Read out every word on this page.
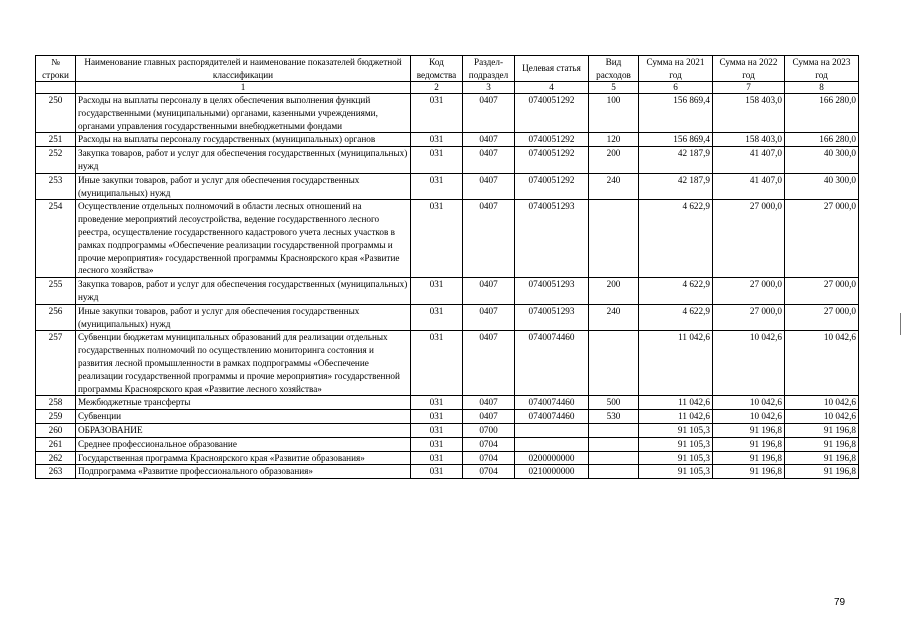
№ строки	Наименование главных распорядителей и наименование показателей бюджетной классификации	Код ведомства	Раздел- подраздел	Целевая статья	Вид расходов	Сумма на 2021 год	Сумма на 2022 год	Сумма на 2023 год
	1	2	3	4	5	6	7	8
250	Расходы на выплаты персоналу в целях обеспечения выполнения функций государственными (муниципальными) органами, казенными учреждениями, органами управления государственными внебюджетными фондами	031	0407	0740051292	100	156 869,4	158 403,0	166 280,0
251	Расходы на выплаты персоналу государственных (муниципальных) органов	031	0407	0740051292	120	156 869,4	158 403,0	166 280,0
252	Закупка товаров, работ и услуг для обеспечения государственных (муниципальных) нужд	031	0407	0740051292	200	42 187,9	41 407,0	40 300,0
253	Иные закупки товаров, работ и услуг для обеспечения государственных (муниципальных) нужд	031	0407	0740051292	240	42 187,9	41 407,0	40 300,0
254	Осуществление отдельных полномочий в области лесных отношений на проведение мероприятий лесоустройства, ведение государственного лесного реестра, осуществление государственного кадастрового учета лесных участков в рамках подпрограммы «Обеспечение реализации государственной программы и прочие мероприятия» государственной программы Красноярского края «Развитие лесного хозяйства»	031	0407	0740051293		4 622,9	27 000,0	27 000,0
255	Закупка товаров, работ и услуг для обеспечения государственных (муниципальных) нужд	031	0407	0740051293	200	4 622,9	27 000,0	27 000,0
256	Иные закупки товаров, работ и услуг для обеспечения государственных (муниципальных) нужд	031	0407	0740051293	240	4 622,9	27 000,0	27 000,0
257	Субвенции бюджетам муниципальных образований для реализации отдельных государственных полномочий по осуществлению мониторинга состояния и развития лесной промышленности в рамках подпрограммы «Обеспечение реализации государственной программы и прочие мероприятия» государственной программы Красноярского края «Развитие лесного хозяйства»	031	0407	0740074460		11 042,6	10 042,6	10 042,6
258	Межбюджетные трансферты	031	0407	0740074460	500	11 042,6	10 042,6	10 042,6
259	Субвенции	031	0407	0740074460	530	11 042,6	10 042,6	10 042,6
260	ОБРАЗОВАНИЕ	031	0700			91 105,3	91 196,8	91 196,8
261	Среднее профессиональное образование	031	0704			91 105,3	91 196,8	91 196,8
262	Государственная программа Красноярского края «Развитие образования»	031	0704	0200000000		91 105,3	91 196,8	91 196,8
263	Подпрограмма «Развитие профессионального образования»	031	0704	0210000000		91 105,3	91 196,8	91 196,8
79
